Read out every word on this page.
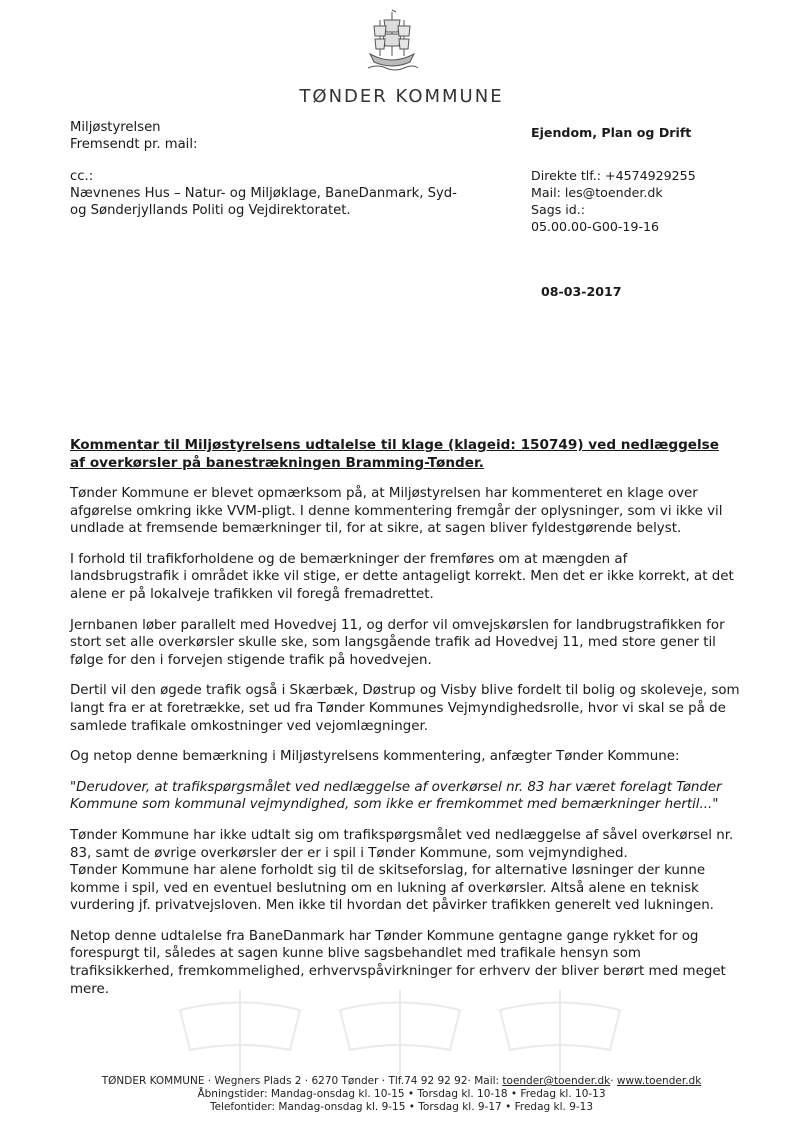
TØNDER KOMMUNE
Miljøstyrelsen
Fremsendt pr. mail:
cc.:
Nævnenes Hus – Natur- og Miljøklage, BaneDanmark, Syd-
og Sønderjyllands Politi og Vejdirektoratet.
Ejendom, Plan og Drift
Direkte tlf.: +4574929255
Mail: les@toender.dk
Sags id.:
05.00.00-G00-19-16
08-03-2017
Kommentar til Miljøstyrelsens udtalelse til klage (klageid: 150749) ved nedlæggelse
af overkørsler på banestrækningen Bramming-Tønder.

Tønder Kommune er blevet opmærksom på, at Miljøstyrelsen har kommenteret en klage over afgørelse omkring ikke VVM-pligt. I denne kommentering fremgår der oplysninger, som vi ikke vil undlade at fremsende bemærkninger til, for at sikre, at sagen bliver fyldestgørende belyst.

I forhold til trafikforholdene og de bemærkninger der fremføres om at mængden af landsbrugstrafik i området ikke vil stige, er dette antageligt korrekt. Men det er ikke korrekt, at det alene er på lokalveje trafikken vil foregå fremadrettet.

Jernbanen løber parallelt med Hovedvej 11, og derfor vil omvejskørslen for landbrugstrafikken for stort set alle overkørsler skulle ske, som langsgående trafik ad Hovedvej 11, med store gener til følge for den i forvejen stigende trafik på hovedvejen.

Dertil vil den øgede trafik også i Skærbæk, Døstrup og Visby blive fordelt til bolig og skoleveje, som langt fra er at foretrække, set ud fra Tønder Kommunes Vejmyndighedsrolle, hvor vi skal se på de samlede trafikale omkostninger ved vejomlægninger.

Og netop denne bemærkning i Miljøstyrelsens kommentering, anfægter Tønder Kommune:

"Derudover, at trafikspørgsmålet ved nedlæggelse af overkørsel nr. 83 har været forelagt Tønder Kommune som kommunal vejmyndighed, som ikke er fremkommet med bemærkninger hertil..."

Tønder Kommune har ikke udtalt sig om trafikspørgsmålet ved nedlæggelse af såvel overkørsel nr. 83, samt de øvrige overkørsler der er i spil i Tønder Kommune, som vejmyndighed.

Tønder Kommune har alene forholdt sig til de skitseforslag, for alternative løsninger der kunne komme i spil, ved en eventuel beslutning om en lukning af overkørsler. Altså alene en teknisk vurdering jf. privatvejsloven. Men ikke til hvordan det påvirker trafikken generelt ved lukningen.

Netop denne udtalelse fra BaneDanmark har Tønder Kommune gentagne gange rykket for og forespurgt til, således at sagen kunne blive sagsbehandlet med trafikale hensyn som trafiksikkerhed, fremkommelighed, erhvervspåvirkninger for erhverv der bliver berørt med meget mere.

TØNDER KOMMUNE · Wegners Plads 2 · 6270 Tønder · Tlf.74 92 92 92· Mail: toender@toender.dk· www.toender.dk
Åbningstider: Mandag-onsdag kl. 10-15 • Torsdag kl. 10-18 • Fredag kl. 10-13
Telefontider: Mandag-onsdag kl. 9-15 • Torsdag kl. 9-17 • Fredag kl. 9-13
